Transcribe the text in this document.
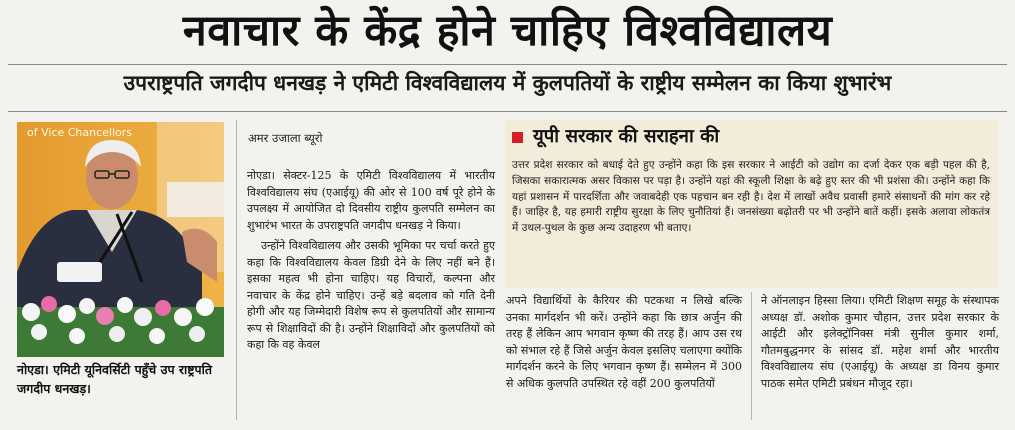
नवाचार के केंद्र होने चाहिए विश्वविद्यालय
उपराष्ट्रपति जगदीप धनखड़ ने एमिटी विश्वविद्यालय में कुलपतियों के राष्ट्रीय सम्मेलन का किया शुभारंभ
of Vice Chancellors
नोएडा। एमिटी यूनिवर्सिटी पहुँचे उप राष्ट्रपति जगदीप धनखड़।
अमर उजाला ब्यूरो

नोएडा। सेक्टर-125 के एमिटी विश्वविद्यालय में भारतीय विश्वविद्यालय संघ (एआईयू) की ओर से 100 वर्ष पूरे होने के उपलक्ष्य में आयोजित दो दिवसीय राष्ट्रीय कुलपति सम्मेलन का शुभारंभ भारत के उपराष्ट्रपति जगदीप धनखड़ ने किया।

उन्होंने विश्वविद्यालय और उसकी भूमिका पर चर्चा करते हुए कहा कि विश्वविद्यालय केवल डिग्री देने के लिए नहीं बने हैं। इसका महत्व भी होना चाहिए। यह विचारों, कल्पना और नवाचार के केंद्र होने चाहिए। उन्हें बड़े बदलाव को गति देनी होगी और यह जिम्मेदारी विशेष रूप से कुलपतियों और सामान्य रूप से शिक्षाविदों की है। उन्होंने शिक्षाविदों और कुलपतियों को कहा कि वह केवल

यूपी सरकार की सराहना की
उत्तर प्रदेश सरकार को बधाई देते हुए उन्होंने कहा कि इस सरकार ने आईटी को उद्योग का दर्जा देकर एक बड़ी पहल की है, जिसका सकारात्मक असर विकास पर पड़ा है। उन्होंने यहां की स्कूली शिक्षा के बढ़े हुए स्तर की भी प्रशंसा की। उन्होंने कहा कि यहां प्रशासन में पारदर्शिता और जवाबदेही एक पहचान बन रही है। देश में लाखों अवैध प्रवासी हमारे संसाधनों की मांग कर रहे हैं। जाहिर है, यह हमारी राष्ट्रीय सुरक्षा के लिए चुनौतियां हैं। जनसंख्या बढ़ोतरी पर भी उन्होंने बातें कहीं। इसके अलावा लोकतंत्र में उथल-पुथल के कुछ अन्य उदाहरण भी बताए।
अपने विद्यार्थियों के कैरियर की पटकथा न लिखे बल्कि उनका मार्गदर्शन भी करें। उन्होंने कहा कि छात्र अर्जुन की तरह हैं लेकिन आप भगवान कृष्ण की तरह हैं। आप उस रथ को संभाल रहे हैं जिसे अर्जुन केवल इसलिए चलाएगा क्योंकि मार्गदर्शन करने के लिए भगवान कृष्ण हैं। सम्मेलन में 300 से अधिक कुलपति उपस्थित रहे वहीं 200 कुलपतियों
ने ऑनलाइन हिस्सा लिया। एमिटी शिक्षण समूह के संस्थापक अध्यक्ष डॉ. अशोक कुमार चौहान, उत्तर प्रदेश सरकार के आईटी और इलेक्ट्रॉनिक्स मंत्री सुनील कुमार शर्मा, गौतमबुद्धनगर के सांसद डॉ. महेश शर्मा और भारतीय विश्वविद्यालय संघ (एआईयू) के अध्यक्ष डा विनय कुमार पाठक समेत एमिटी प्रबंधन मौजूद रहा।
